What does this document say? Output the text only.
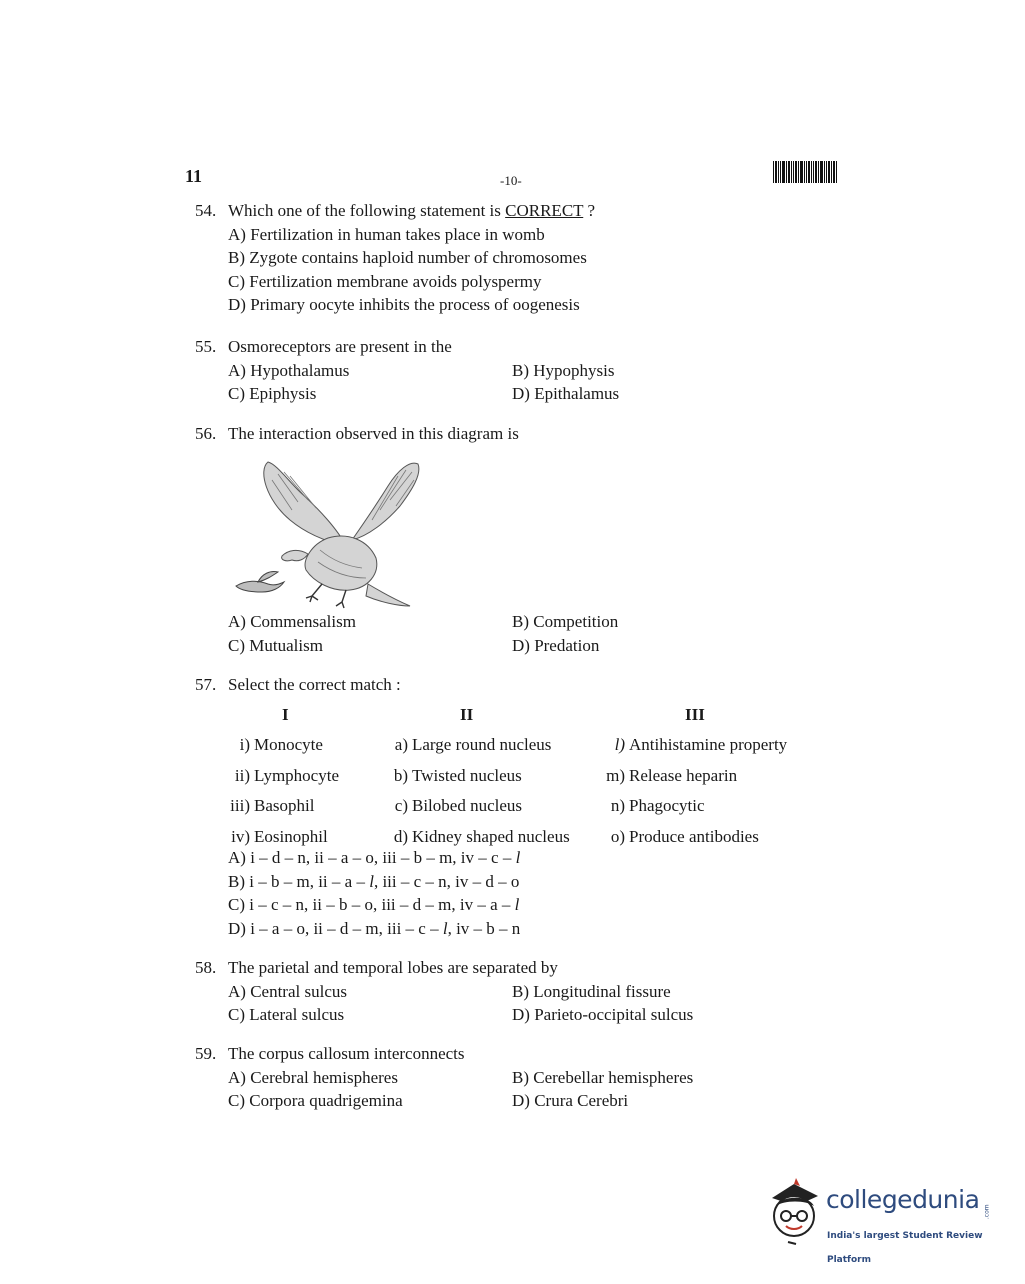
11	-10-
54. Which one of the following statement is CORRECT ?
A) Fertilization in human takes place in womb
B) Zygote contains haploid number of chromosomes
C) Fertilization membrane avoids polyspermy
D) Primary oocyte inhibits the process of oogenesis
55. Osmoreceptors are present in the
A) Hypothalamus	B) Hypophysis
C) Epiphysis	D) Epithalamus
56. The interaction observed in this diagram is
A) Commensalism	B) Competition
C) Mutualism	D) Predation
57. Select the correct match :
I	II	III
i) Monocyte	a) Large round nucleus	l) Antihistamine property
ii) Lymphocyte	b) Twisted nucleus	m) Release heparin
iii) Basophil	c) Bilobed nucleus	n) Phagocytic
iv) Eosinophil	d) Kidney shaped nucleus	o) Produce antibodies
A) i – d – n, ii – a – o, iii – b – m, iv – c – l
B) i – b – m, ii – a – l, iii – c – n, iv – d – o
C) i – c – n, ii – b – o, iii – d – m, iv – a – l
D) i – a – o, ii – d – m, iii – c – l, iv – b – n
58. The parietal and temporal lobes are separated by
A) Central sulcus	B) Longitudinal fissure
C) Lateral sulcus	D) Parieto-occipital sulcus
59. The corpus callosum interconnects
A) Cerebral hemispheres	B) Cerebellar hemispheres
C) Corpora quadrigemina	D) Crura Cerebri
collegedunia .com
India's largest Student Review Platform
